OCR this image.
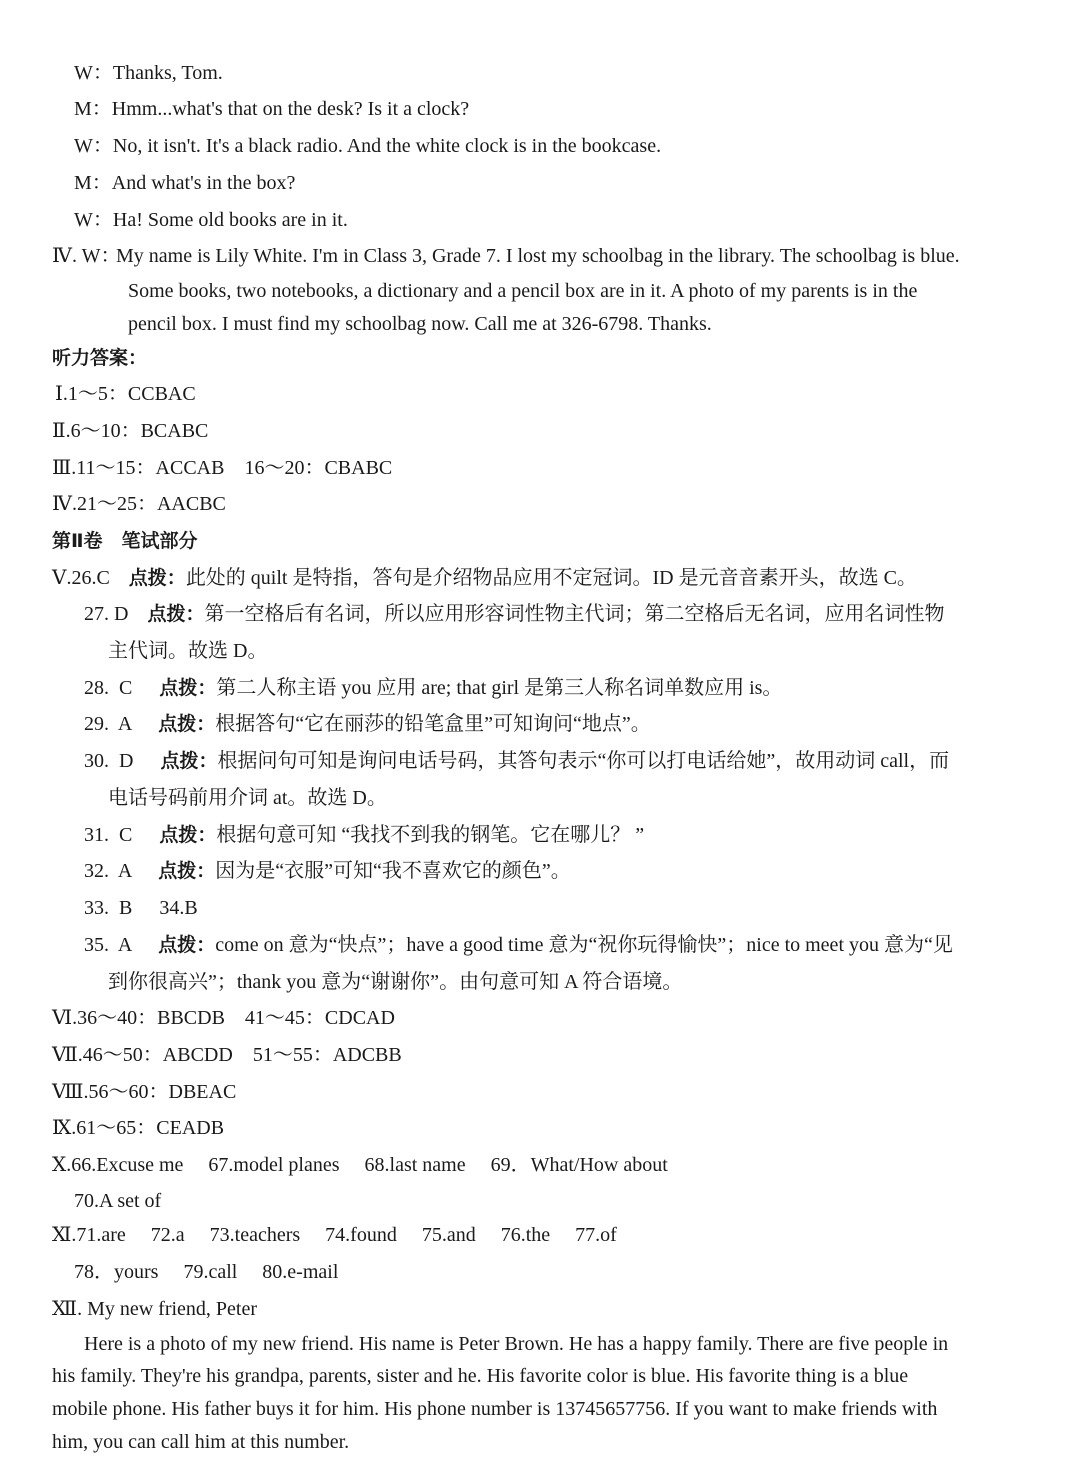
W：Thanks, Tom.
M：Hmm...what's that on the desk? Is it a clock?
W：No, it isn't. It's a black radio. And the white clock is in the bookcase.
M：And what's in the box?
W：Ha! Some old books are in it.
Ⅳ. W：
My name is Lily White. I'm in Class 3, Grade 7. I lost my schoolbag in the library. The schoolbag is blue.
Some books, two notebooks, a dictionary and a pencil box are in it. A photo of my parents is in the
pencil box. I must find my schoolbag now. Call me at 326-6798. Thanks.
听力答案：
Ⅰ.1～5：CCBAC
Ⅱ.6～10：BCABC
Ⅲ.11～15：ACCAB    16～20：CBABC
Ⅳ.21～25：AACBC
第Ⅱ卷　笔试部分
Ⅴ.26.C 点拨：此处的 quilt 是特指，答句是介绍物品应用不定冠词。ID 是元音音素开头，故选 C。
27. D 点拨：第一空格后有名词，所以应用形容词性物主代词；第二空格后无名词，应用名词性物
主代词。故选 D。
28.  C 点拨：第二人称主语 you 应用 are; that girl 是第三人称名词单数应用 is。
29.  A 点拨：根据答句“它在丽莎的铅笔盒里”可知询问“地点”。
30.  D 点拨：根据问句可知是询问电话号码，其答句表示“你可以打电话给她”，故用动词 call，而
电话号码前用介词 at。故选 D。
31.  C 点拨：根据句意可知 “我找不到我的钢笔。它在哪儿？ ”
32.  A 点拨：因为是“衣服”可知“我不喜欢它的颜色”。
33.  B 34.B
35.  A 点拨：come on 意为“快点”；have a good time 意为“祝你玩得愉快”；nice to meet you 意为“见
到你很高兴”；thank you 意为“谢谢你”。由句意可知 A 符合语境。
Ⅵ.36～40：BBCDB    41～45：CDCAD
Ⅶ.46～50：ABCDD    51～55：ADCBB
Ⅷ.56～60：DBEAC
Ⅸ.61～65：CEADB
Ⅹ.66.Excuse me     67.model planes     68.last name     69．What/How about
70.A set of
Ⅺ.71.are     72.a     73.teachers     74.found     75.and     76.the     77.of
78．yours     79.call     80.e-mail
Ⅻ. My new friend, Peter
Here is a photo of my new friend. His name is Peter Brown. He has a happy family. There are five people in
his family. They're his grandpa, parents, sister and he. His favorite color is blue. His favorite thing is a blue
mobile phone. His father buys it for him. His phone number is 13745657756. If you want to make friends with
him, you can call him at this number.
